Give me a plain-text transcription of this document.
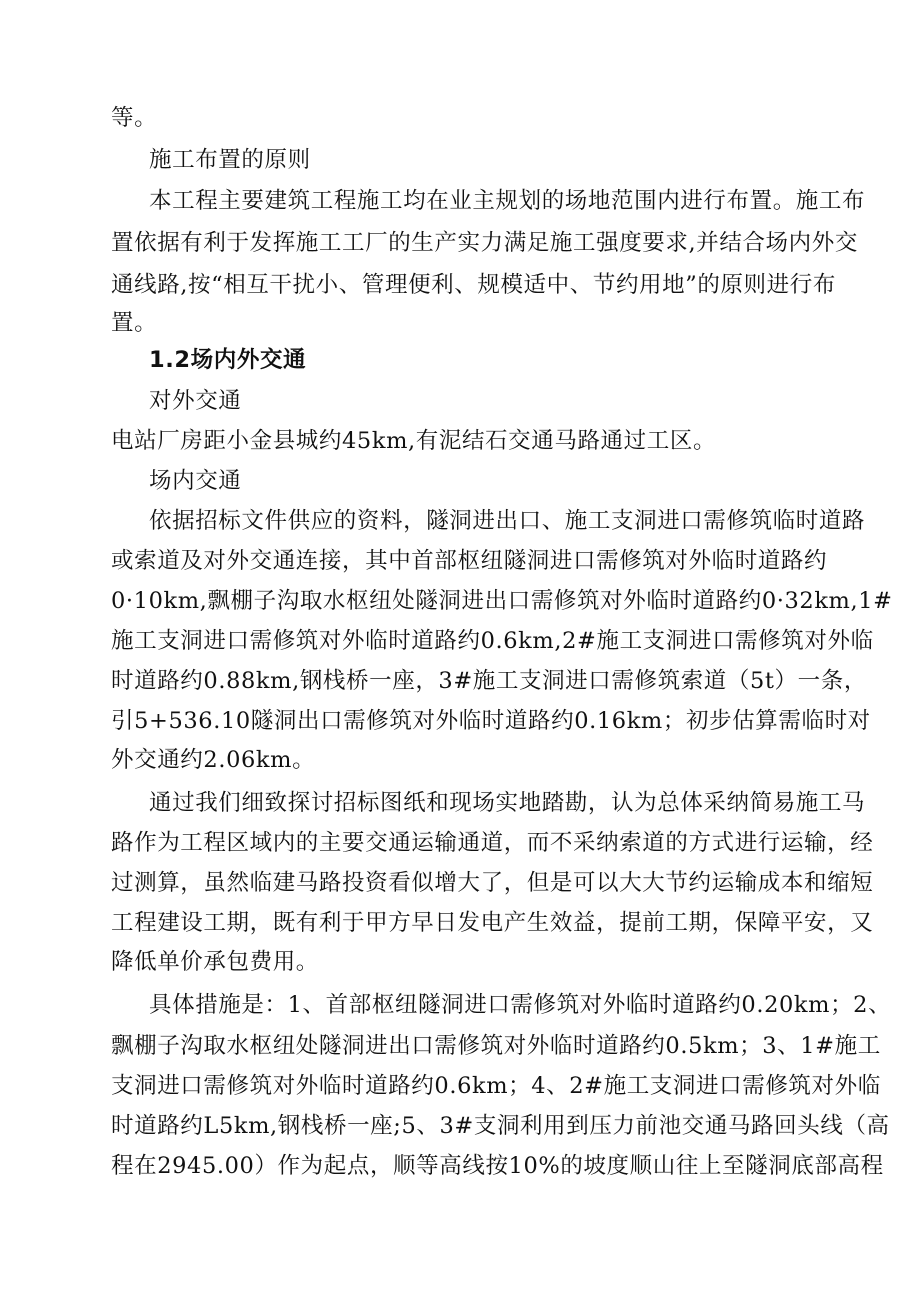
等。
施工布置的原则
本工程主要建筑工程施工均在业主规划的场地范围内进行布置。施工布
置依据有利于发挥施工工厂的生产实力满足施工强度要求,并结合场内外交
通线路,按“相互干扰小、管理便利、规模适中、节约用地”的原则进行布
置。
1.2场内外交通
对外交通
电站厂房距小金县城约45km,有泥结石交通马路通过工区。
场内交通
依据招标文件供应的资料，隧洞进出口、施工支洞进口需修筑临时道路
或索道及对外交通连接，其中首部枢纽隧洞进口需修筑对外临时道路约
0·10km,飘棚子沟取水枢纽处隧洞进出口需修筑对外临时道路约0·32km,1#
施工支洞进口需修筑对外临时道路约0.6km,2#施工支洞进口需修筑对外临
时道路约0.88km,钢栈桥一座，3#施工支洞进口需修筑索道（5t）一条，
引5+536.10隧洞出口需修筑对外临时道路约0.16km；初步估算需临时对
外交通约2.06km。
通过我们细致探讨招标图纸和现场实地踏勘，认为总体采纳简易施工马
路作为工程区域内的主要交通运输通道，而不采纳索道的方式进行运输，经
过测算，虽然临建马路投资看似增大了，但是可以大大节约运输成本和缩短
工程建设工期，既有利于甲方早日发电产生效益，提前工期，保障平安，又
降低单价承包费用。
具体措施是：1、首部枢纽隧洞进口需修筑对外临时道路约0.20km；2、
飘棚子沟取水枢纽处隧洞进出口需修筑对外临时道路约0.5km；3、1#施工
支洞进口需修筑对外临时道路约0.6km；4、2#施工支洞进口需修筑对外临
时道路约L5km,钢栈桥一座;5、3#支洞利用到压力前池交通马路回头线（高
程在2945.00）作为起点，顺等高线按10%的坡度顺山往上至隧洞底部高程
